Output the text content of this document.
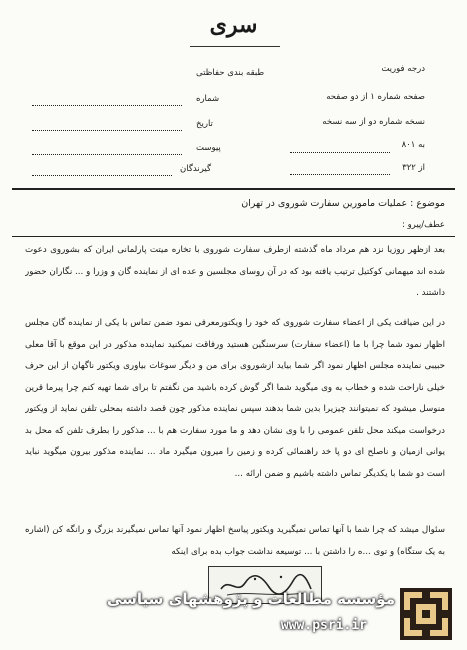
سری
درجه فوریت
طبقه بندی حفاظتی
صفحه شماره ۱ از دو صفحه
نسخه شماره دو از سه نسخه
به ۸۰۱
از ۳۲۲
شماره
تاریخ
پیوست
گیرندگان
موضوع : عملیات مامورین سفارت شوروی در تهران
عطف/پیرو :
بعد ازظهر روزیا نزد هم مرداد ماه گذشته ازطرف سفارت شوروی با تخاره میتت پارلمانی ایران که بشوروی دعوت شده اند میهمانی کوکتیل ترتیب یافته بود که در آن روسای مجلسین و عده ای از نماینده گان و وزرا و ... نگاران حضور داشتند .
در این ضیافت یکی از اعضاء سفارت شوروی که خود را ویکتورمعرفی نمود ضمن تماس با یکی از نماینده گان مجلس اظهار نمود شما چرا با ما (اعضاء سفارت) سرسنگین هستید ورفاقت نمیکنید نماینده مذکور در این موقع با آقا معلی حبیبی نماینده مجلس اظهار نمود اگر شما بیاید ازشوروی برای من و دیگر سوغات بیاوری ویکتور ناگهان از این حرف خیلی ناراحت شده و خطاب به وی میگوید شما اگر گوش کرده باشید من نگفتم تا برای شما تهیه کنم چرا پیرما قرین منوسل میشود که نمیتوانند چیزیرا بدین شما بدهند سپس نماینده مذکور چون قصد داشته بمحلی تلفن نماید از ویکتور درخواست میکند محل تلفن عمومی را با وی نشان دهد و ما مورد سفارت هم با ... مذکور را بطرف تلفن که محل بد یوانی ازمیان و ناصلح ای دو پا خد راهنمائی کرده و زمین را میرون میگیرد ماد ... نماینده مذکور بیرون میگوید نباید است دو شما با یکدیگر تماس داشته باشیم و ضمن ارائه ...
سئوال میشد که چرا شما با آنها تماس نمیگیرید ویکتور پیاسخ اظهار نمود آنها تماس نمیگیرند بزرگ و رانگه کن (اشاره به یک ستگاه) و توی ...ه را داشتن با ... توسیعه نداشت جواب بده برای اینکه
مؤسسه مطالعات و پژوهشهای سیاسی
www.psri.ir
